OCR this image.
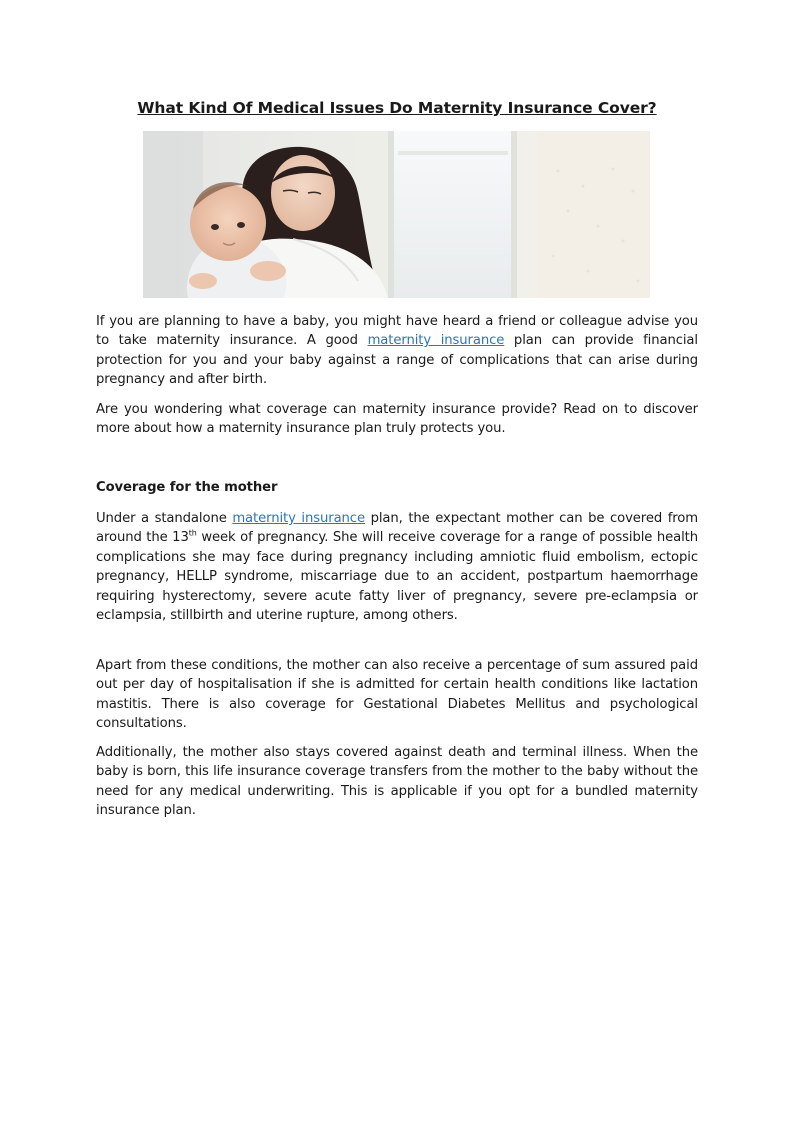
What Kind Of Medical Issues Do Maternity Insurance Cover?

If you are planning to have a baby, you might have heard a friend or colleague advise you to take maternity insurance. A good maternity insurance plan can provide financial protection for you and your baby against a range of complications that can arise during pregnancy and after birth.

Are you wondering what coverage can maternity insurance provide? Read on to discover more about how a maternity insurance plan truly protects you.

Coverage for the mother

Under a standalone maternity insurance plan, the expectant mother can be covered from around the 13th week of pregnancy. She will receive coverage for a range of possible health complications she may face during pregnancy including amniotic fluid embolism, ectopic pregnancy, HELLP syndrome, miscarriage due to an accident, postpartum haemorrhage requiring hysterectomy, severe acute fatty liver of pregnancy, severe pre-eclampsia or eclampsia, stillbirth and uterine rupture, among others.

Apart from these conditions, the mother can also receive a percentage of sum assured paid out per day of hospitalisation if she is admitted for certain health conditions like lactation mastitis. There is also coverage for Gestational Diabetes Mellitus and psychological consultations.

Additionally, the mother also stays covered against death and terminal illness. When the baby is born, this life insurance coverage transfers from the mother to the baby without the need for any medical underwriting. This is applicable if you opt for a bundled maternity insurance plan.
